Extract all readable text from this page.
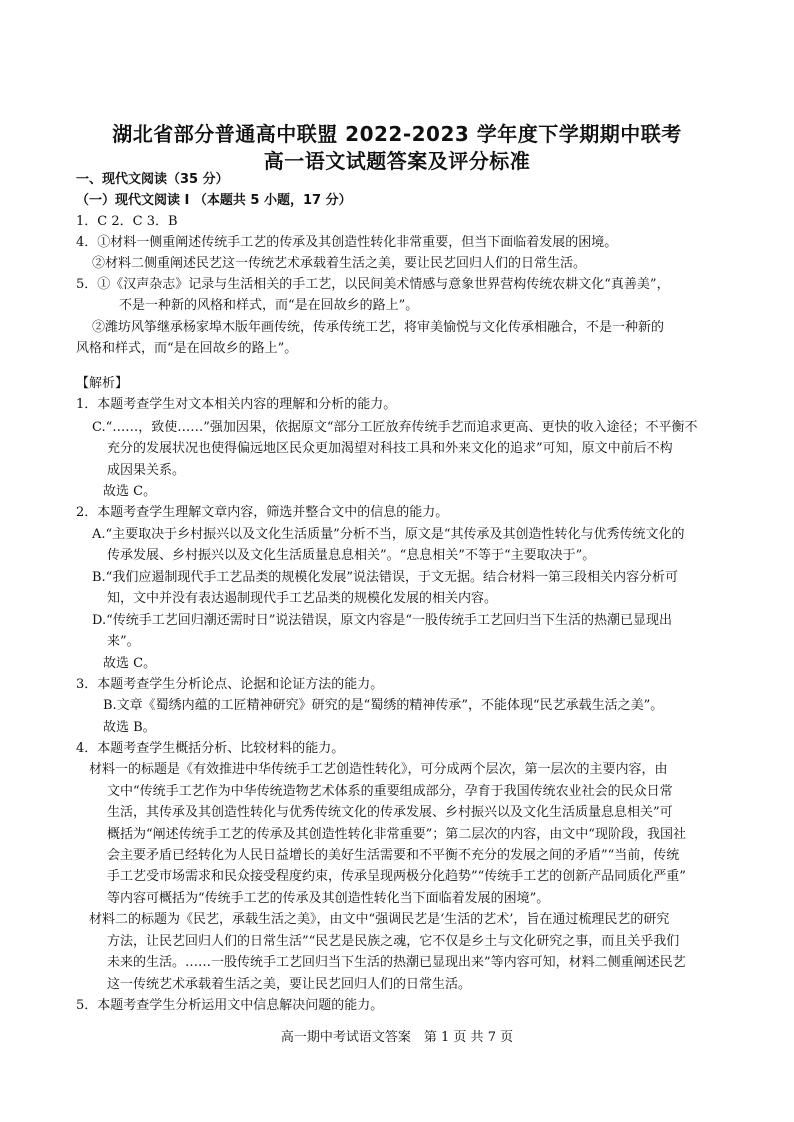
湖北省部分普通高中联盟 2022-2023 学年度下学期期中联考
高一语文试题答案及评分标准
一、现代文阅读（35 分）
（一）现代文阅读 I （本题共 5 小题，17 分）
1．C 2．C 3．B
4．①材料一侧重阐述传统手工艺的传承及其创造性转化非常重要，但当下面临着发展的困境。
②材料二侧重阐述民艺这一传统艺术承载着生活之美，要让民艺回归人们的日常生活。
5．①《汉声杂志》记录与生活相关的手工艺，以民间美术情感与意象世界营构传统农耕文化“真善美”，
不是一种新的风格和样式，而“是在回故乡的路上”。
②潍坊风筝继承杨家埠木版年画传统，传承传统工艺，将审美愉悦与文化传承相融合，不是一种新的
风格和样式，而“是在回故乡的路上”。
【解析】
1．本题考查学生对文本相关内容的理解和分析的能力。
C.“……，致使……”强加因果，依据原文“部分工匠放弃传统手艺而追求更高、更快的收入途径；不平衡不
充分的发展状况也使得偏远地区民众更加渴望对科技工具和外来文化的追求”可知，原文中前后不构
成因果关系。
故选 C。
2．本题考查学生理解文章内容，筛选并整合文中的信息的能力。
A.“主要取决于乡村振兴以及文化生活质量”分析不当，原文是“其传承及其创造性转化与优秀传统文化的
传承发展、乡村振兴以及文化生活质量息息相关”。“息息相关”不等于“主要取决于”。
B.“我们应遏制现代手工艺品类的规模化发展”说法错误，于文无据。结合材料一第三段相关内容分析可
知，文中并没有表达遏制现代手工艺品类的规模化发展的相关内容。
D.“传统手工艺回归潮还需时日”说法错误，原文内容是“一股传统手工艺回归当下生活的热潮已显现出
来”。
故选 C。
3．本题考查学生分析论点、论据和论证方法的能力。
B.文章《蜀绣内蕴的工匠精神研究》研究的是“蜀绣的精神传承”，不能体现“民艺承载生活之美”。
故选 B。
4．本题考查学生概括分析、比较材料的能力。
材料一的标题是《有效推进中华传统手工艺创造性转化》，可分成两个层次，第一层次的主要内容，由
文中“传统手工艺作为中华传统造物艺术体系的重要组成部分，孕育于我国传统农业社会的民众日常
生活，其传承及其创造性转化与优秀传统文化的传承发展、乡村振兴以及文化生活质量息息相关”可
概括为“阐述传统手工艺的传承及其创造性转化非常重要”；第二层次的内容，由文中“现阶段，我国社
会主要矛盾已经转化为人民日益增长的美好生活需要和不平衡不充分的发展之间的矛盾”“当前，传统
手工艺受市场需求和民众接受程度约束，传承呈现两极分化趋势”“传统手工艺的创新产品同质化严重”
等内容可概括为“传统手工艺的传承及其创造性转化当下面临着发展的困境”。
材料二的标题为《民艺，承载生活之美》，由文中“强调民艺是‘生活的艺术’，旨在通过梳理民艺的研究
方法，让民艺回归人们的日常生活”“民艺是民族之魂，它不仅是乡土与文化研究之事，而且关乎我们
未来的生活。……一股传统手工艺回归当下生活的热潮已显现出来”等内容可知，材料二侧重阐述民艺
这一传统艺术承载着生活之美，要让民艺回归人们的日常生活。
5．本题考查学生分析运用文中信息解决问题的能力。
高一期中考试语文答案　第 1 页 共 7 页
